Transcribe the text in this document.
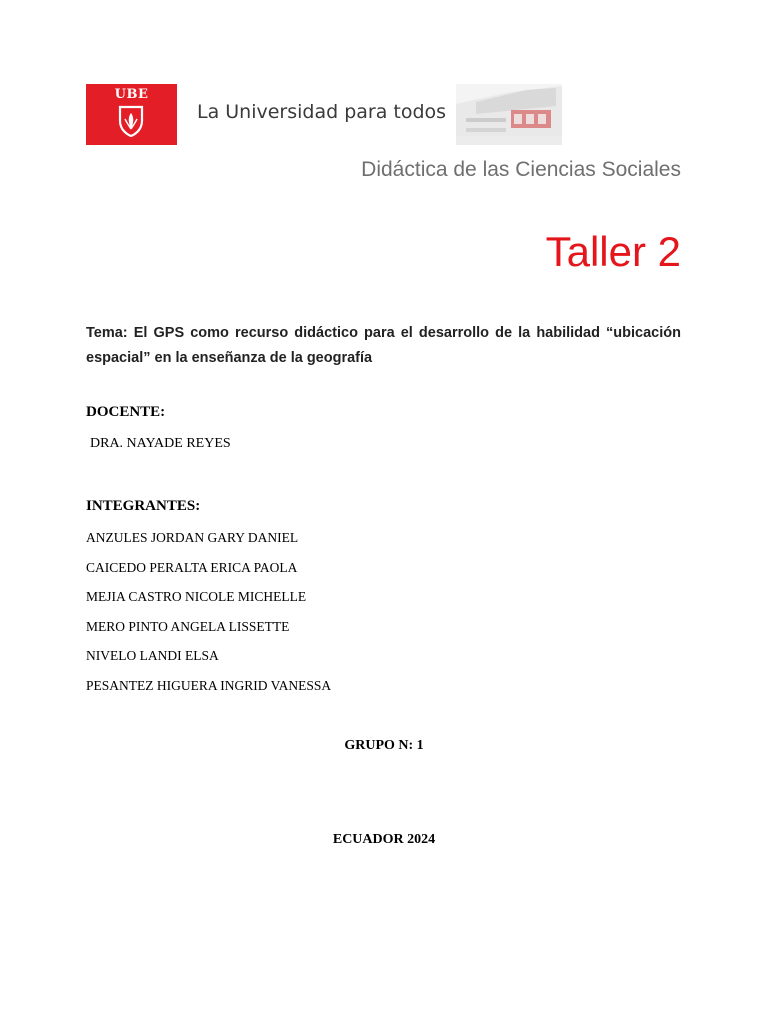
UBE
La Universidad para todos
Didáctica de las Ciencias Sociales
Taller 2
Tema: El GPS como recurso didáctico para el desarrollo de la habilidad “ubicación espacial” en la enseñanza de la geografía
DOCENTE:
DRA. NAYADE REYES
INTEGRANTES:
ANZULES JORDAN GARY DANIEL
CAICEDO PERALTA ERICA PAOLA
MEJIA CASTRO NICOLE MICHELLE
MERO PINTO ANGELA LISSETTE
NIVELO LANDI ELSA
PESANTEZ HIGUERA INGRID VANESSA
GRUPO N: 1
ECUADOR 2024
